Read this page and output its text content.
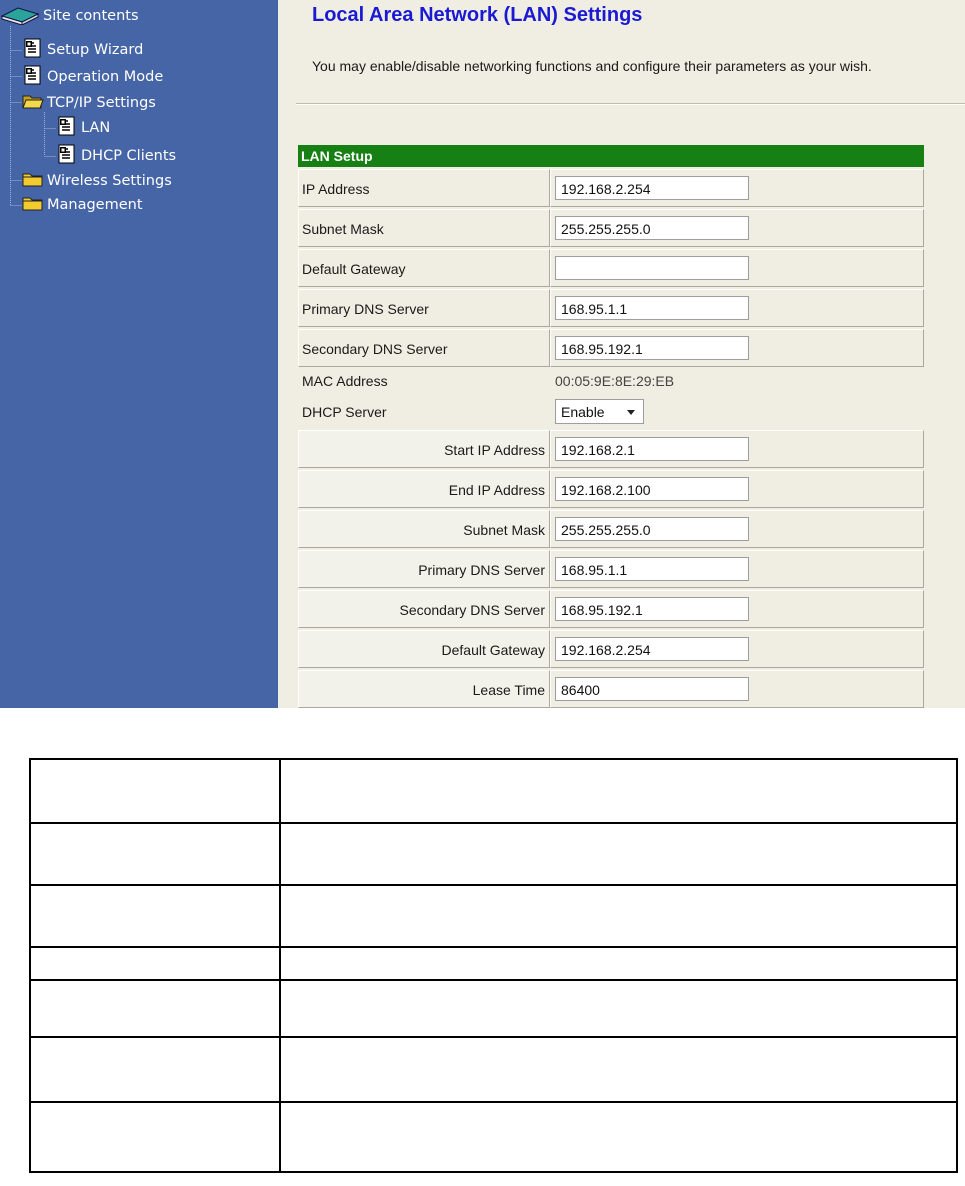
Site contents
Setup Wizard
Operation Mode
TCP/IP Settings
LAN
DHCP Clients
Wireless Settings
Management
Local Area Network (LAN) Settings
You may enable/disable networking functions and configure their parameters as your wish.
LAN Setup
IP Address	192.168.2.254
Subnet Mask	255.255.255.0
Default Gateway
Primary DNS Server	168.95.1.1
Secondary DNS Server	168.95.192.1
MAC Address	00:05:9E:8E:29:EB
DHCP Server	Enable
Start IP Address	192.168.2.1
End IP Address	192.168.2.100
Subnet Mask	255.255.255.0
Primary DNS Server	168.95.1.1
Secondary DNS Server	168.95.192.1
Default Gateway	192.168.2.254
Lease Time	86400
